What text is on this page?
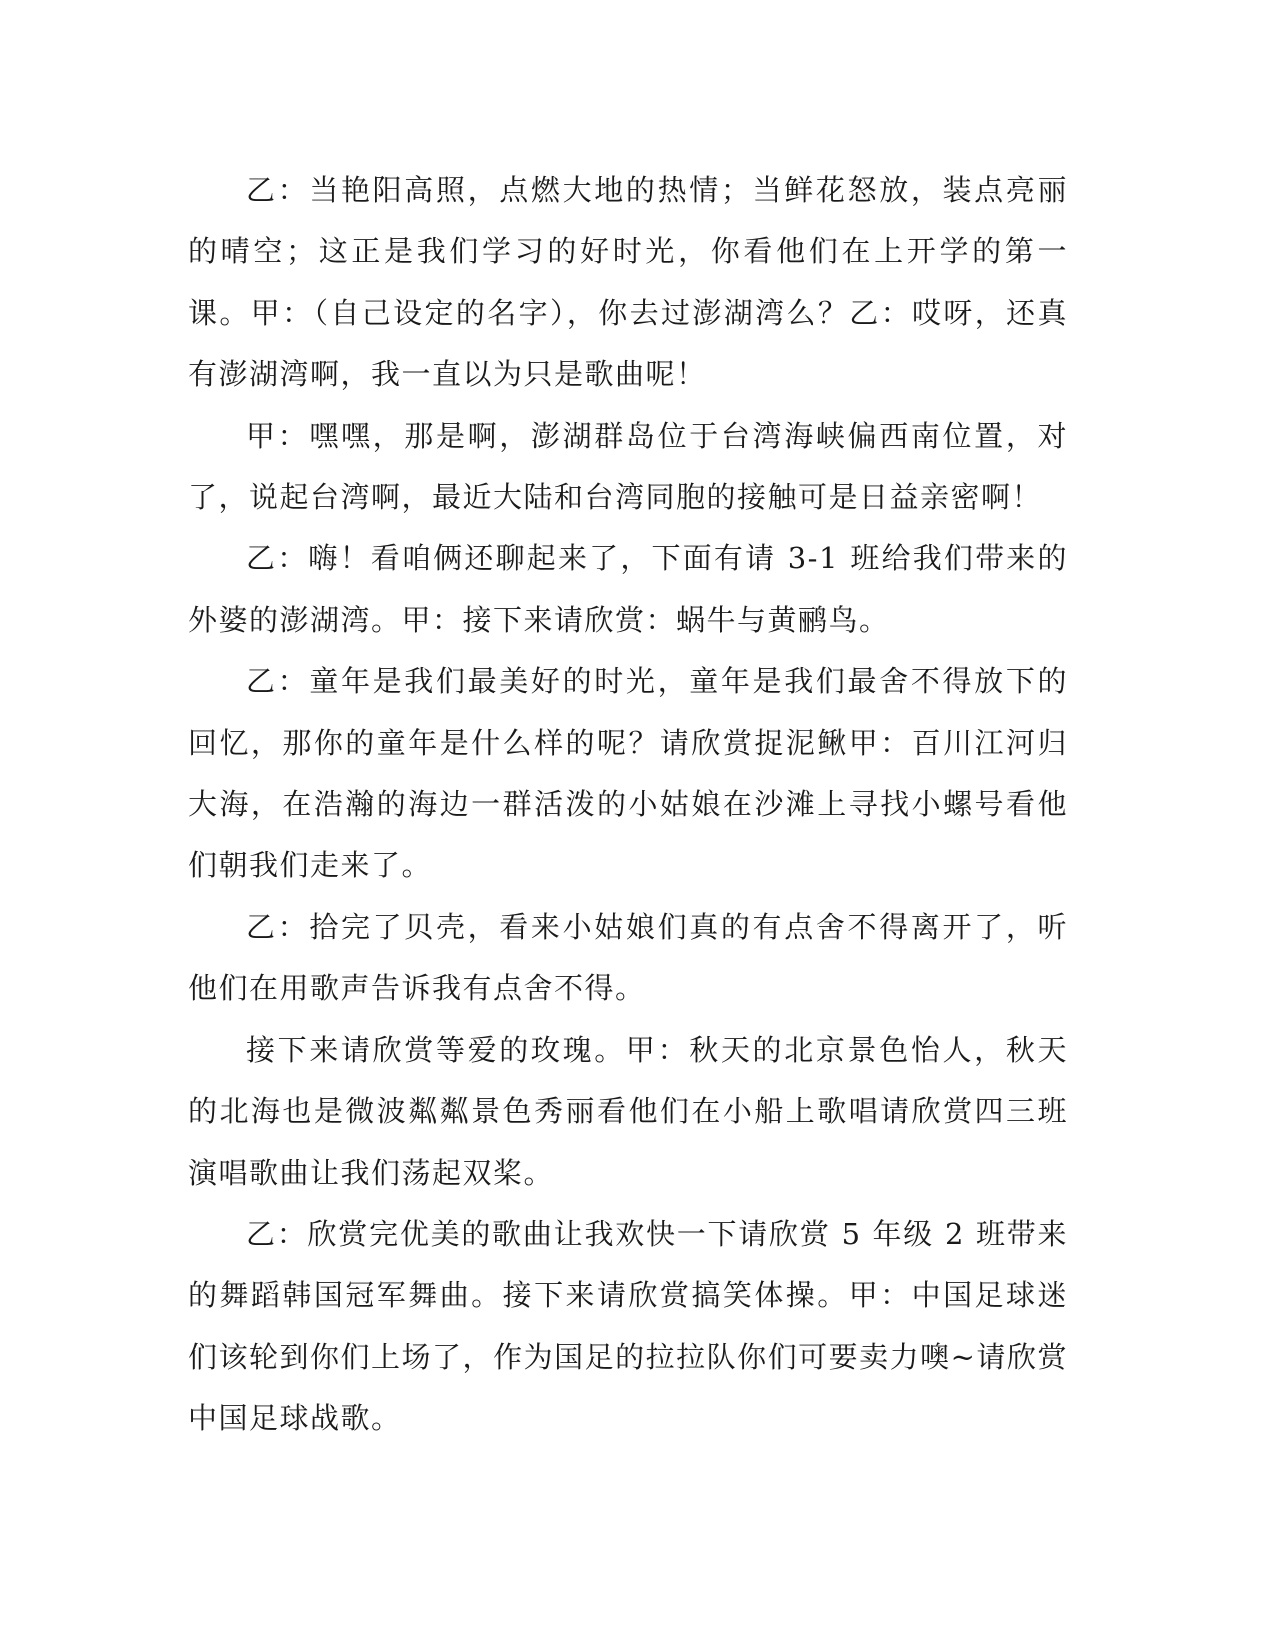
乙：当艳阳高照，点燃大地的热情；当鲜花怒放，装点亮丽的晴空；这正是我们学习的好时光，你看他们在上开学的第一课。甲：（自己设定的名字），你去过澎湖湾么？乙：哎呀，还真有澎湖湾啊，我一直以为只是歌曲呢！

甲：嘿嘿，那是啊，澎湖群岛位于台湾海峡偏西南位置，对了，说起台湾啊，最近大陆和台湾同胞的接触可是日益亲密啊！

乙：嗨！看咱俩还聊起来了，下面有请 3-1 班给我们带来的外婆的澎湖湾。甲：接下来请欣赏：蜗牛与黄鹂鸟。

乙：童年是我们最美好的时光，童年是我们最舍不得放下的回忆，那你的童年是什么样的呢？请欣赏捉泥鳅甲：百川江河归大海，在浩瀚的海边一群活泼的小姑娘在沙滩上寻找小螺号看他们朝我们走来了。

乙：拾完了贝壳，看来小姑娘们真的有点舍不得离开了，听他们在用歌声告诉我有点舍不得。

接下来请欣赏等爱的玫瑰。甲：秋天的北京景色怡人，秋天的北海也是微波粼粼景色秀丽看他们在小船上歌唱请欣赏四三班演唱歌曲让我们荡起双桨。

乙：欣赏完优美的歌曲让我欢快一下请欣赏 5 年级 2 班带来的舞蹈韩国冠军舞曲。接下来请欣赏搞笑体操。甲：中国足球迷们该轮到你们上场了，作为国足的拉拉队你们可要卖力噢~请欣赏中国足球战歌。
